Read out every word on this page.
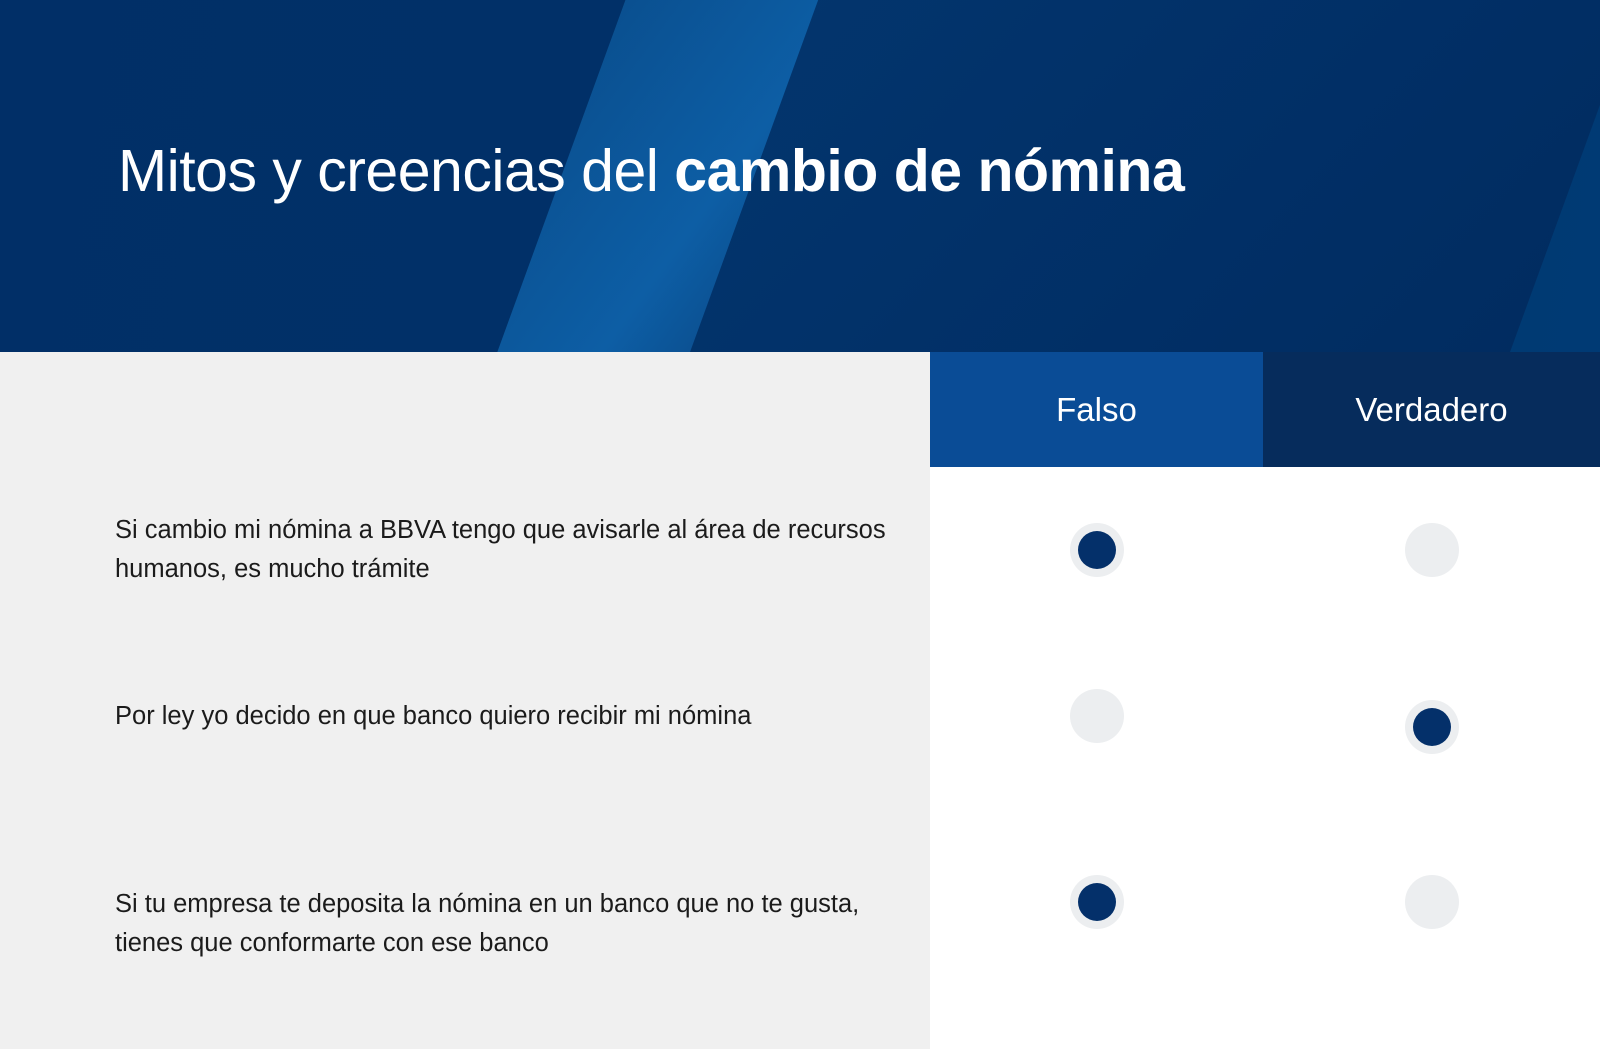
Mitos y creencias del cambio de nómina
Falso	Verdadero
Si cambio mi nómina a BBVA tengo que avisarle al área de recursos humanos, es mucho trámite
Por ley yo decido en que banco quiero recibir mi nómina
Si tu empresa te deposita la nómina en un banco que no te gusta, tienes que conformarte con ese banco
